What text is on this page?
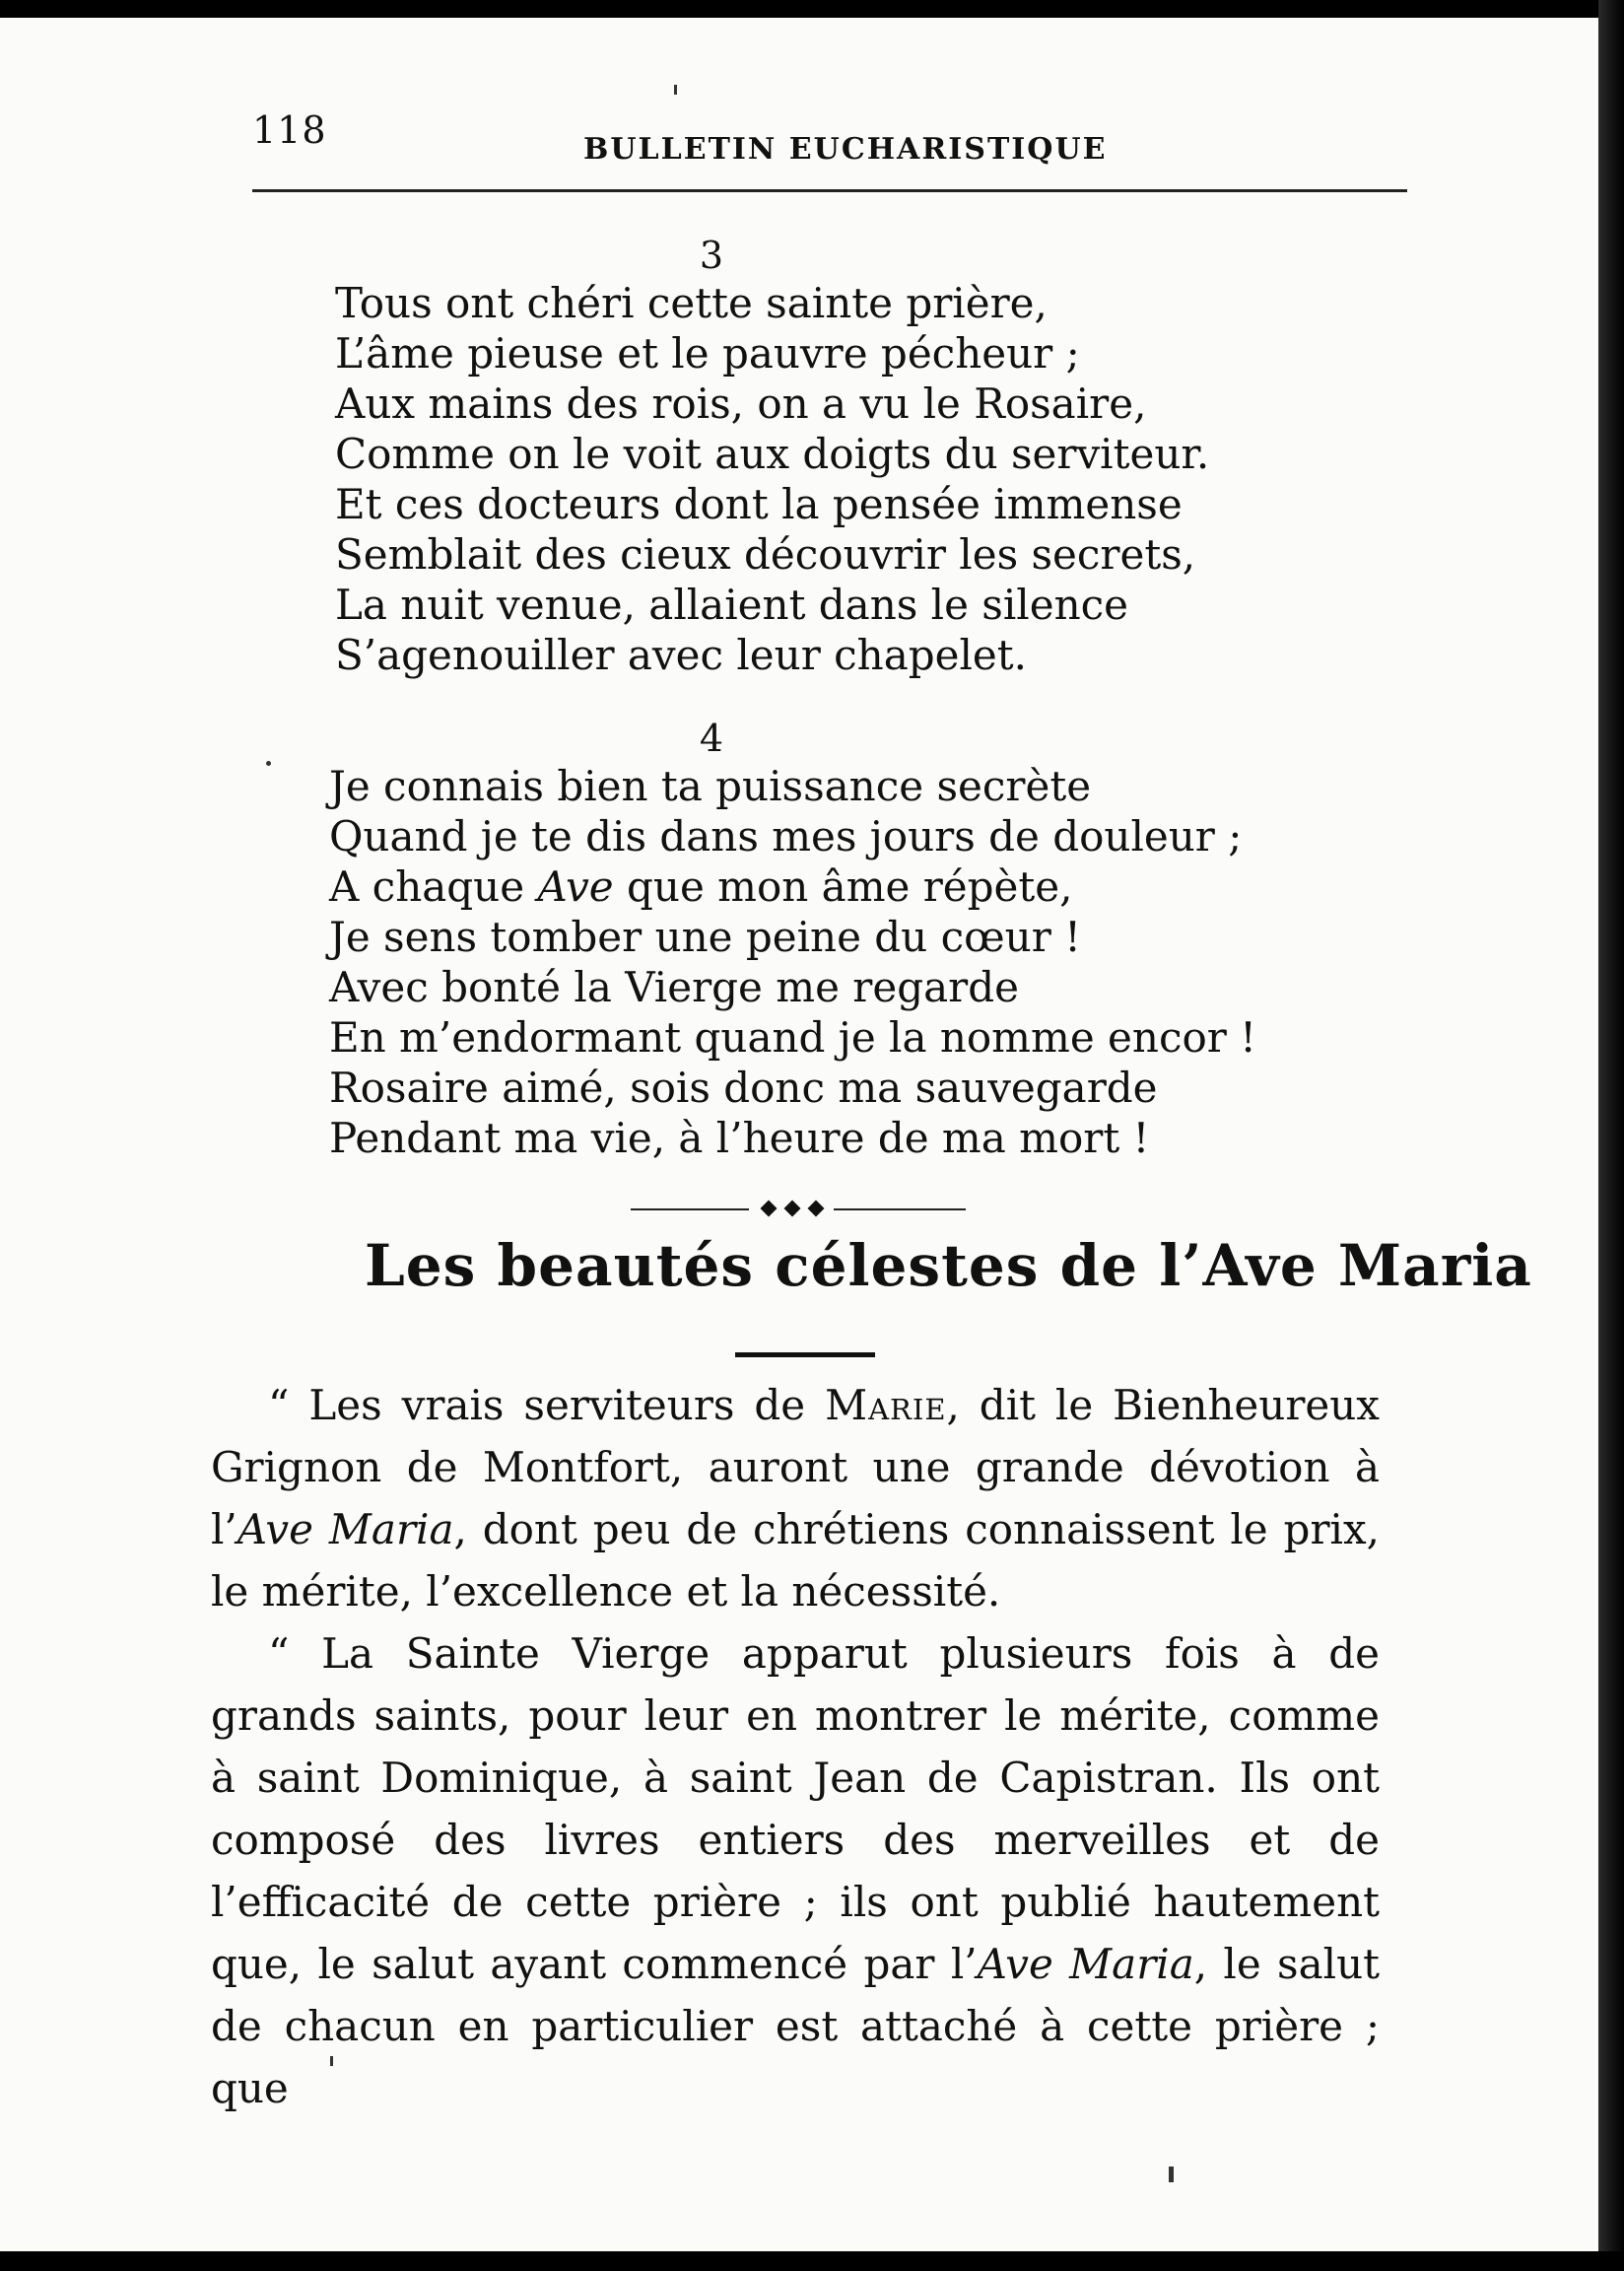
118	BULLETIN EUCHARISTIQUE
3
Tous ont chéri cette sainte prière,
L’âme pieuse et le pauvre pécheur ;
Aux mains des rois, on a vu le Rosaire,
Comme on le voit aux doigts du serviteur.
Et ces docteurs dont la pensée immense
Semblait des cieux découvrir les secrets,
La nuit venue, allaient dans le silence
S’agenouiller avec leur chapelet.
4
Je connais bien ta puissance secrète
Quand je te dis dans mes jours de douleur ;
A chaque Ave que mon âme répète,
Je sens tomber une peine du cœur !
Avec bonté la Vierge me regarde
En m’endormant quand je la nomme encor !
Rosaire aimé, sois donc ma sauvegarde
Pendant ma vie, à l’heure de ma mort !
Les beautés célestes de l’Ave Maria

“ Les vrais serviteurs de Marie, dit le Bienheureux Grignon de Montfort, auront une grande dévotion à l’Ave Maria, dont peu de chrétiens connaissent le prix, le mérite, l’excellence et la nécessité.

“ La Sainte Vierge apparut plusieurs fois à de grands saints, pour leur en montrer le mérite, comme à saint Dominique, à saint Jean de Capistran. Ils ont composé des livres entiers des merveilles et de l’efficacité de cette prière ; ils ont publié hautement que, le salut ayant commencé par l’Ave Maria, le salut de chacun en particulier est attaché à cette prière ; que
